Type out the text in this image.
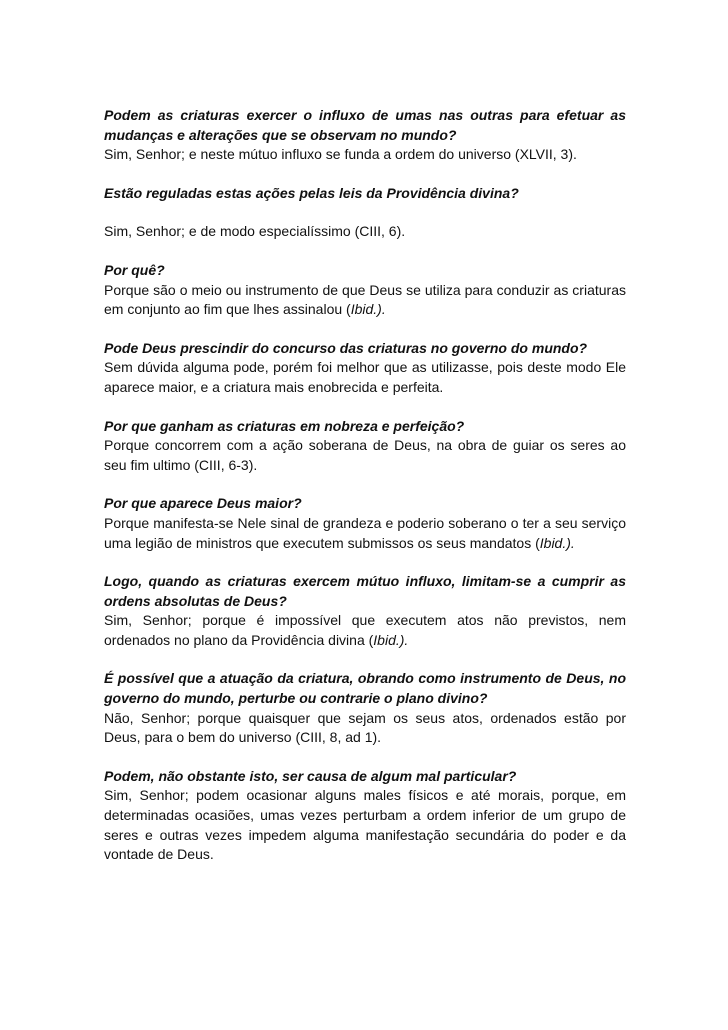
Podem as criaturas exercer o influxo de umas nas outras para efetuar as mudanças e alterações que se observam no mundo?

Sim, Senhor; e neste mútuo influxo se funda a ordem do universo (XLVII, 3).

Estão reguladas estas ações pelas leis da Providência divina?

Sim, Senhor; e de modo especialíssimo (CIII, 6).

Por quê?

Porque são o meio ou instrumento de que Deus se utiliza para conduzir as criaturas em conjunto ao fim que lhes assinalou (Ibid.).

Pode Deus prescindir do concurso das criaturas no governo do mundo?

Sem dúvida alguma pode, porém foi melhor que as utilizasse, pois deste modo Ele aparece maior, e a criatura mais enobrecida e perfeita.

Por que ganham as criaturas em nobreza e perfeição?

Porque concorrem com a ação soberana de Deus, na obra de guiar os seres ao seu fim ultimo (CIII, 6-3).

Por que aparece Deus maior?

Porque manifesta-se Nele sinal de grandeza e poderio soberano o ter a seu serviço uma legião de ministros que executem submissos os seus mandatos (Ibid.).

Logo, quando as criaturas exercem mútuo influxo, limitam-se a cumprir as ordens absolutas de Deus?

Sim, Senhor; porque é impossível que executem atos não previstos, nem ordenados no plano da Providência divina (Ibid.).

É possível que a atuação da criatura, obrando como instrumento de Deus, no governo do mundo, perturbe ou contrarie o plano divino?

Não, Senhor; porque quaisquer que sejam os seus atos, ordenados estão por Deus, para o bem do universo (CIII, 8, ad 1).

Podem, não obstante isto, ser causa de algum mal particular?

Sim, Senhor; podem ocasionar alguns males físicos e até morais, porque, em determinadas ocasiões, umas vezes perturbam a ordem inferior de um grupo de seres e outras vezes impedem alguma manifestação secundária do poder e da vontade de Deus.
